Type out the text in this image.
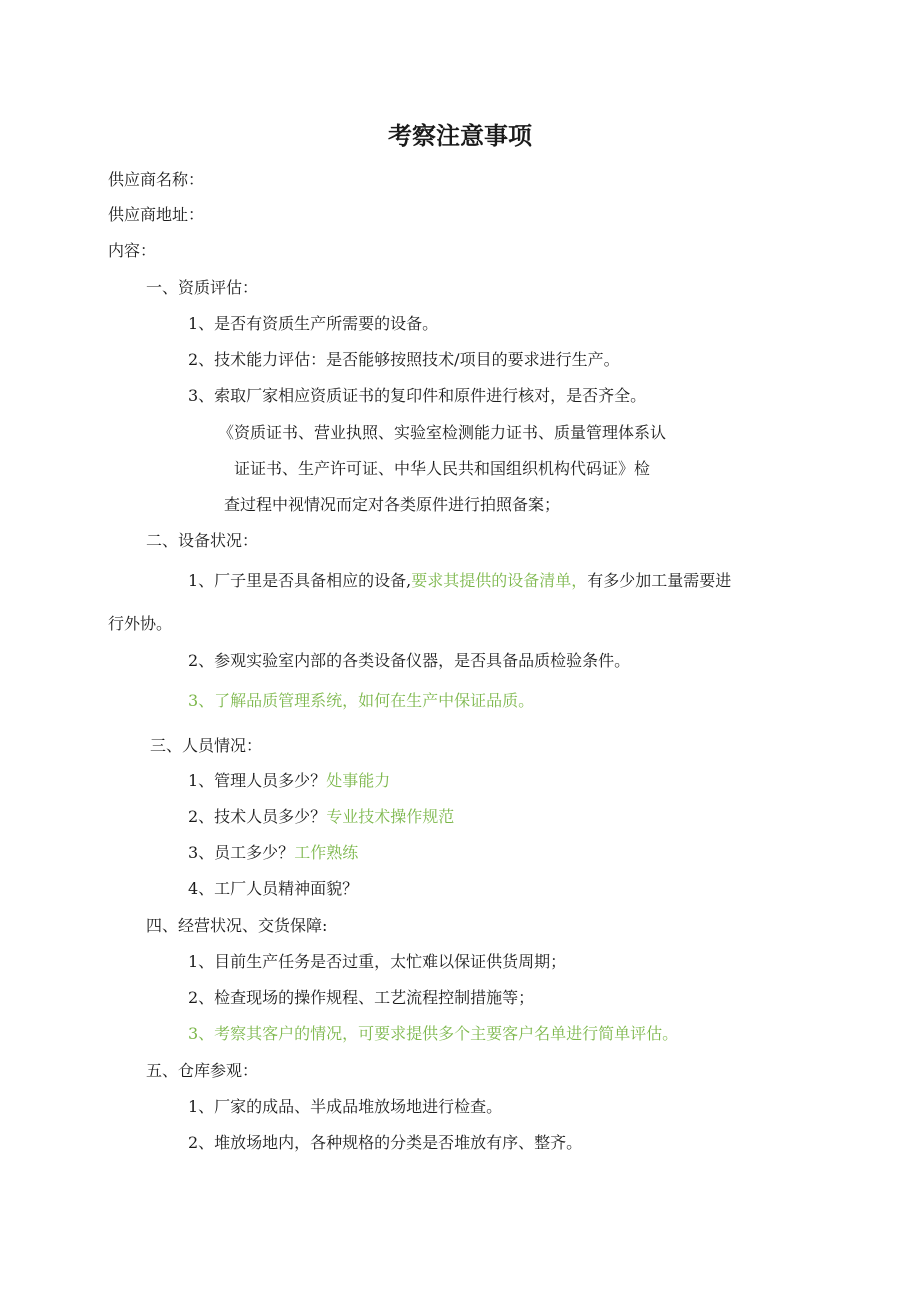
考察注意事项
供应商名称：
供应商地址：
内容：
一、资质评估：
1、是否有资质生产所需要的设备。
2、技术能力评估：是否能够按照技术/项目的要求进行生产。
3、索取厂家相应资质证书的复印件和原件进行核对，是否齐全。
《资质证书、营业执照、实验室检测能力证书、质量管理体系认
证证书、生产许可证、中华人民共和国组织机构代码证》检
查过程中视情况而定对各类原件进行拍照备案；
二、设备状况：
1、厂子里是否具备相应的设备,要求其提供的设备清单，有多少加工量需要进
行外协。
2、参观实验室内部的各类设备仪器，是否具备品质检验条件。
3、了解品质管理系统，如何在生产中保证品质。
三、人员情况：
1、管理人员多少？处事能力
2、技术人员多少？专业技术操作规范
3、员工多少？工作熟练
4、工厂人员精神面貌？
四、经营状况、交货保障:
1、目前生产任务是否过重，太忙难以保证供货周期；
2、检查现场的操作规程、工艺流程控制措施等；
3、考察其客户的情况，可要求提供多个主要客户名单进行简单评估。
五、仓库参观：
1、厂家的成品、半成品堆放场地进行检查。
2、堆放场地内，各种规格的分类是否堆放有序、整齐。
